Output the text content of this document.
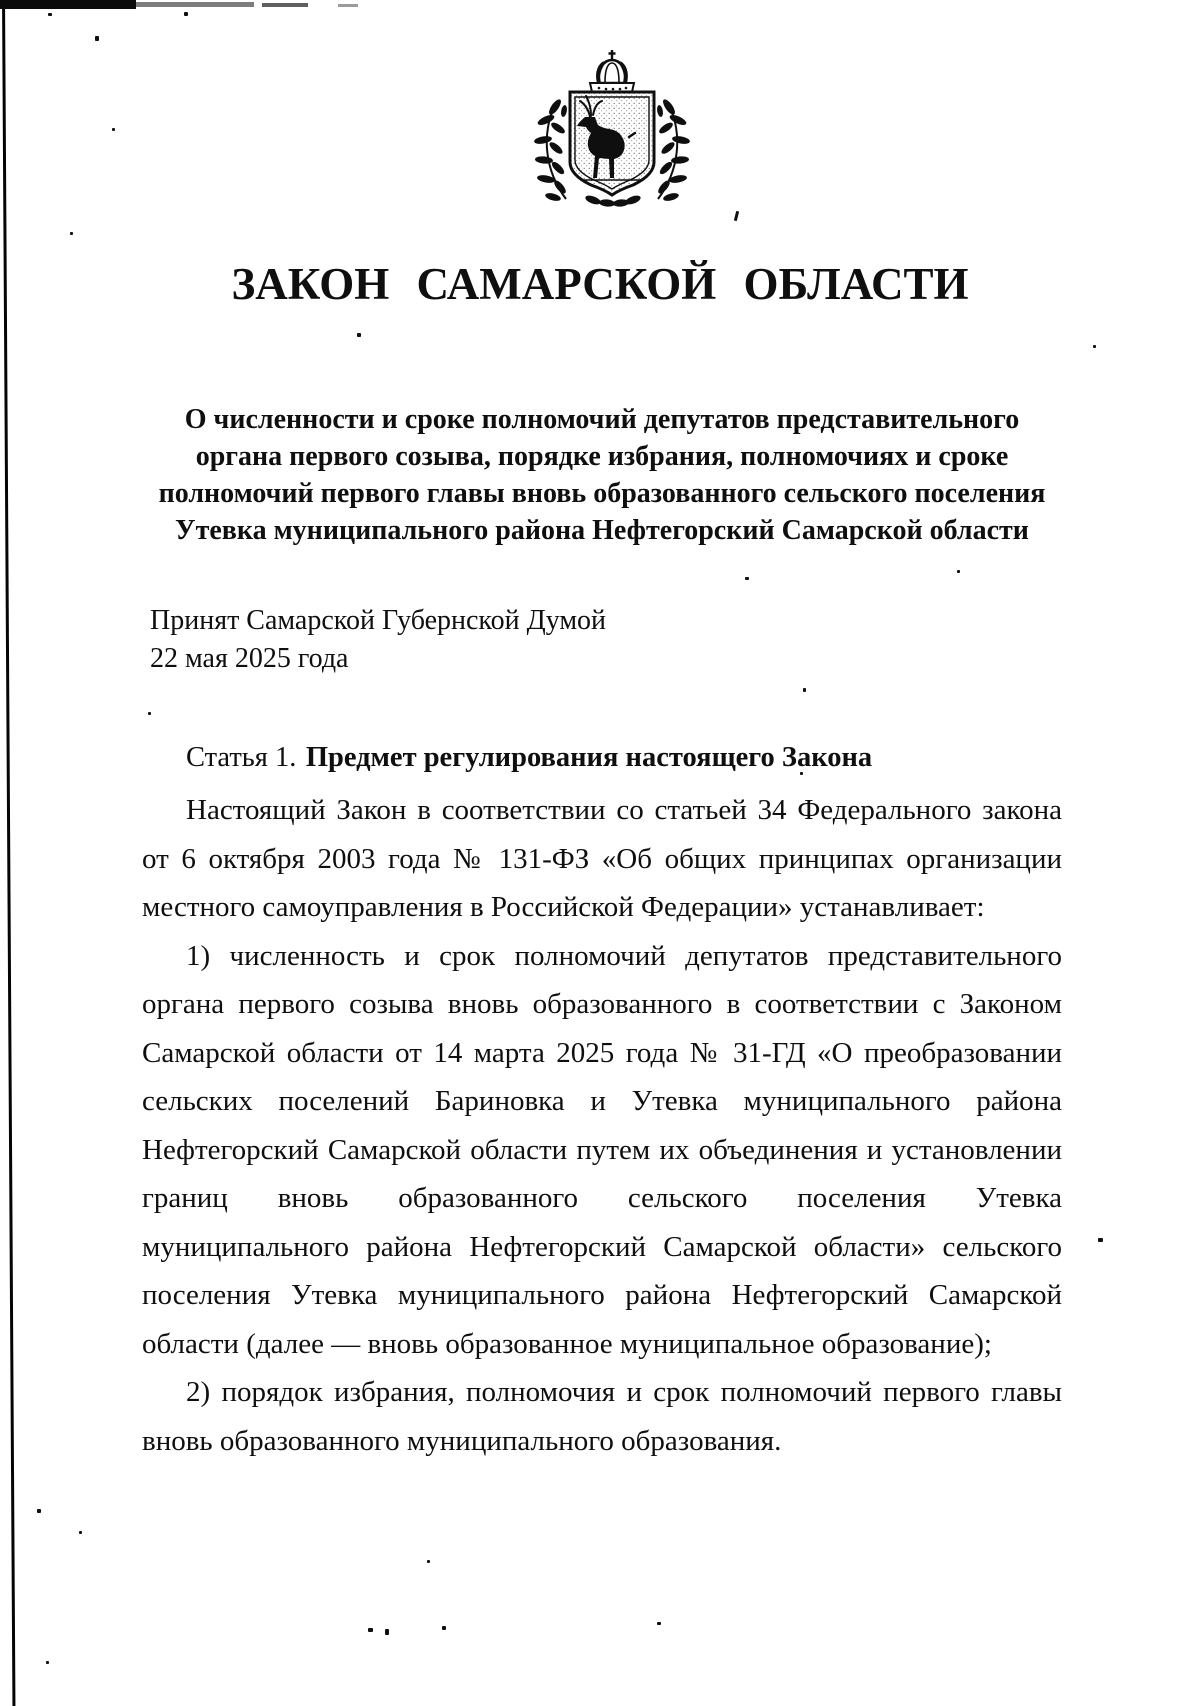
ЗАКОН САМАРСКОЙ ОБЛАСТИ
О численности и сроке полномочий депутатов представительного
органа первого созыва, порядке избрания, полномочиях и сроке
полномочий первого главы вновь образованного сельского поселения
Утевка муниципального района Нефтегорский Самарской области
Принят Самарской Губернской Думой
22 мая 2025 года
Статья 1. Предмет регулирования настоящего Закона

Настоящий Закон в соответствии со статьей 34 Федерального закона от 6 октября 2003 года № 131-ФЗ «Об общих принципах организации местного самоуправления в Российской Федерации» устанавливает:

1) численность и срок полномочий депутатов представительного органа первого созыва вновь образованного в соответствии с Законом Самарской области от 14 марта 2025 года № 31-ГД «О преобразовании сельских поселений Бариновка и Утевка муниципального района Нефтегорский Самарской области путем их объединения и установлении границ вновь образованного сельского поселения Утевка муниципального района Нефтегорский Самарской области» сельского поселения Утевка муниципального района Нефтегорский Самарской области (далее — вновь образованное муниципальное образование);

2) порядок избрания, полномочия и срок полномочий первого главы вновь образованного муниципального образования.
